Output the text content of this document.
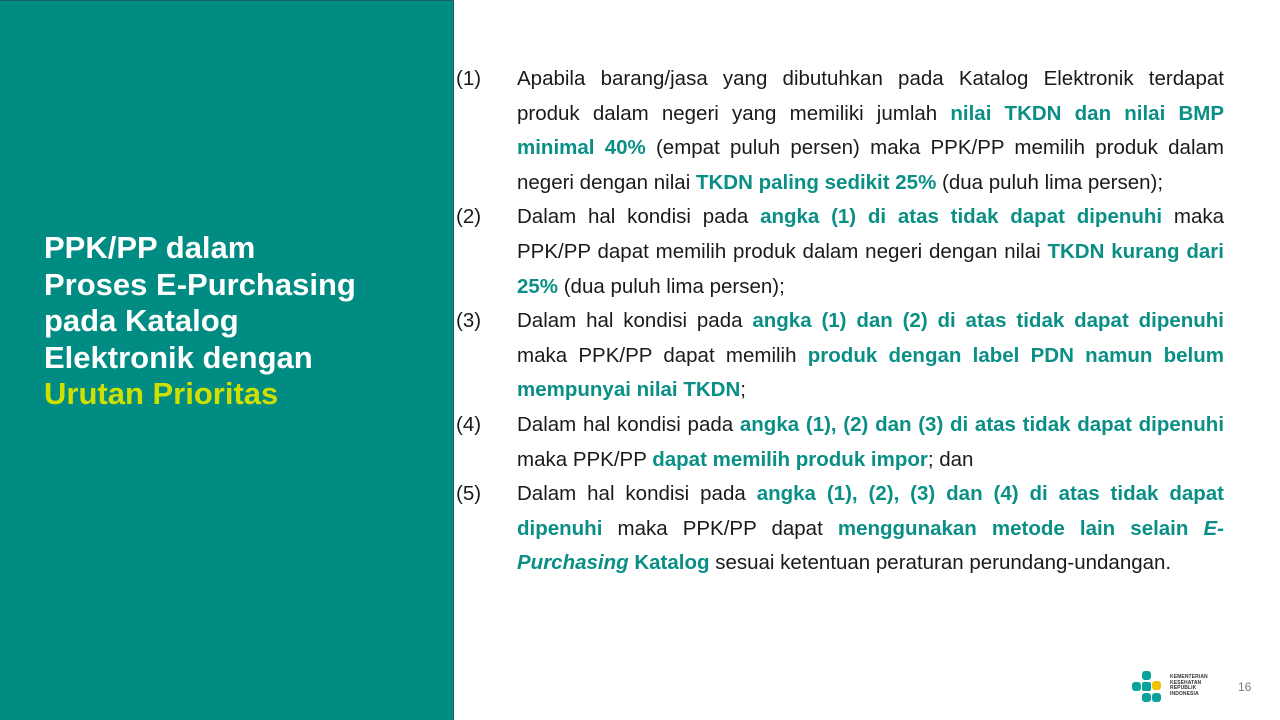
PPK/PP dalam
Proses E-Purchasing
pada Katalog
Elektronik dengan
Urutan Prioritas
(1) Apabila barang/jasa yang dibutuhkan pada Katalog Elektronik terdapat produk dalam negeri yang memiliki jumlah nilai TKDN dan nilai BMP minimal 40% (empat puluh persen) maka PPK/PP memilih produk dalam negeri dengan nilai TKDN paling sedikit 25% (dua puluh lima persen);
(2) Dalam hal kondisi pada angka (1) di atas tidak dapat dipenuhi maka PPK/PP dapat memilih produk dalam negeri dengan nilai TKDN kurang dari 25% (dua puluh lima persen);
(3) Dalam hal kondisi pada angka (1) dan (2) di atas tidak dapat dipenuhi maka PPK/PP dapat memilih produk dengan label PDN namun belum mempunyai nilai TKDN;
(4) Dalam hal kondisi pada angka (1), (2) dan (3) di atas tidak dapat dipenuhi maka PPK/PP dapat memilih produk impor; dan
(5) Dalam hal kondisi pada angka (1), (2), (3) dan (4) di atas tidak dapat dipenuhi maka PPK/PP dapat menggunakan metode lain selain E-Purchasing Katalog sesuai ketentuan peraturan perundang-undangan.
KEMENTERIAN
KESEHATAN
REPUBLIK
INDONESIA	16
